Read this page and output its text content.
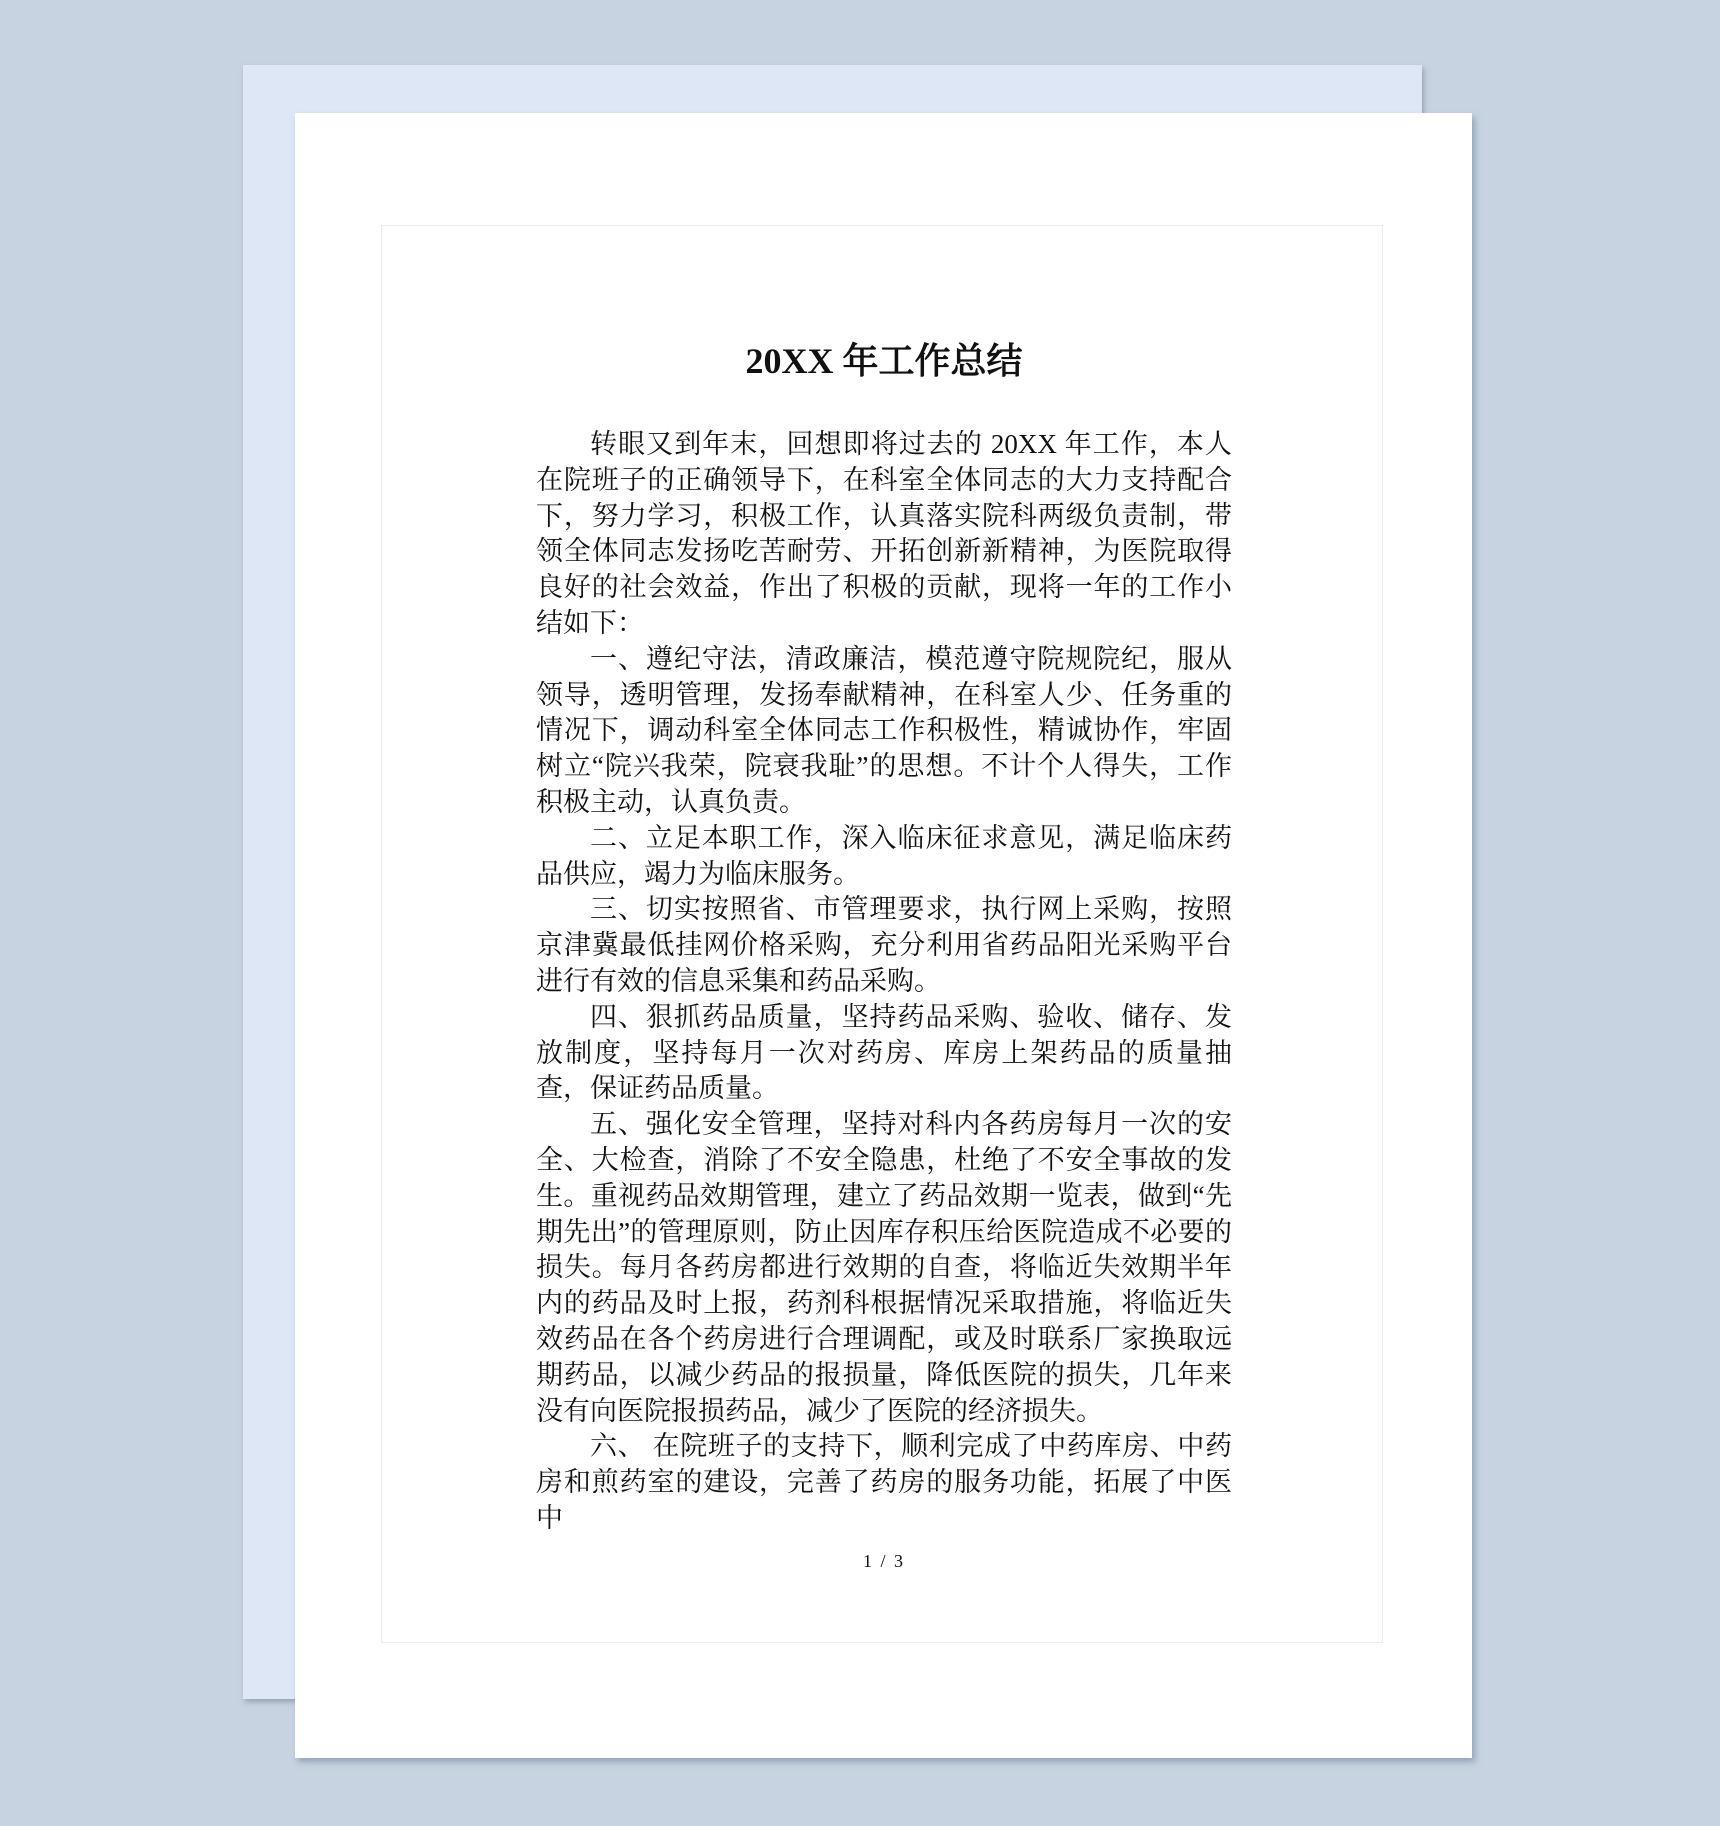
20XX 年工作总结

转眼又到年末，回想即将过去的 20XX 年工作，本人在院班子的正确领导下，在科室全体同志的大力支持配合下，努力学习，积极工作，认真落实院科两级负责制，带领全体同志发扬吃苦耐劳、开拓创新新精神，为医院取得良好的社会效益，作出了积极的贡献，现将一年的工作小结如下：

一、遵纪守法，清政廉洁，模范遵守院规院纪，服从领导，透明管理，发扬奉献精神，在科室人少、任务重的情况下，调动科室全体同志工作积极性，精诚协作，牢固树立“院兴我荣，院衰我耻”的思想。不计个人得失，工作积极主动，认真负责。

二、立足本职工作，深入临床征求意见，满足临床药品供应，竭力为临床服务。

三、切实按照省、市管理要求，执行网上采购，按照京津冀最低挂网价格采购，充分利用省药品阳光采购平台进行有效的信息采集和药品采购。

四、狠抓药品质量，坚持药品采购、验收、储存、发放制度，坚持每月一次对药房、库房上架药品的质量抽查，保证药品质量。

五、强化安全管理，坚持对科内各药房每月一次的安全、大检查，消除了不安全隐患，杜绝了不安全事故的发生。重视药品效期管理，建立了药品效期一览表，做到“先期先出”的管理原则，防止因库存积压给医院造成不必要的损失。每月各药房都进行效期的自查，将临近失效期半年内的药品及时上报，药剂科根据情况采取措施，将临近失效药品在各个药房进行合理调配，或及时联系厂家换取远期药品，以减少药品的报损量，降低医院的损失，几年来没有向医院报损药品，减少了医院的经济损失。

六、 在院班子的支持下，顺利完成了中药库房、中药房和煎药室的建设，完善了药房的服务功能，拓展了中医中

1 / 3
